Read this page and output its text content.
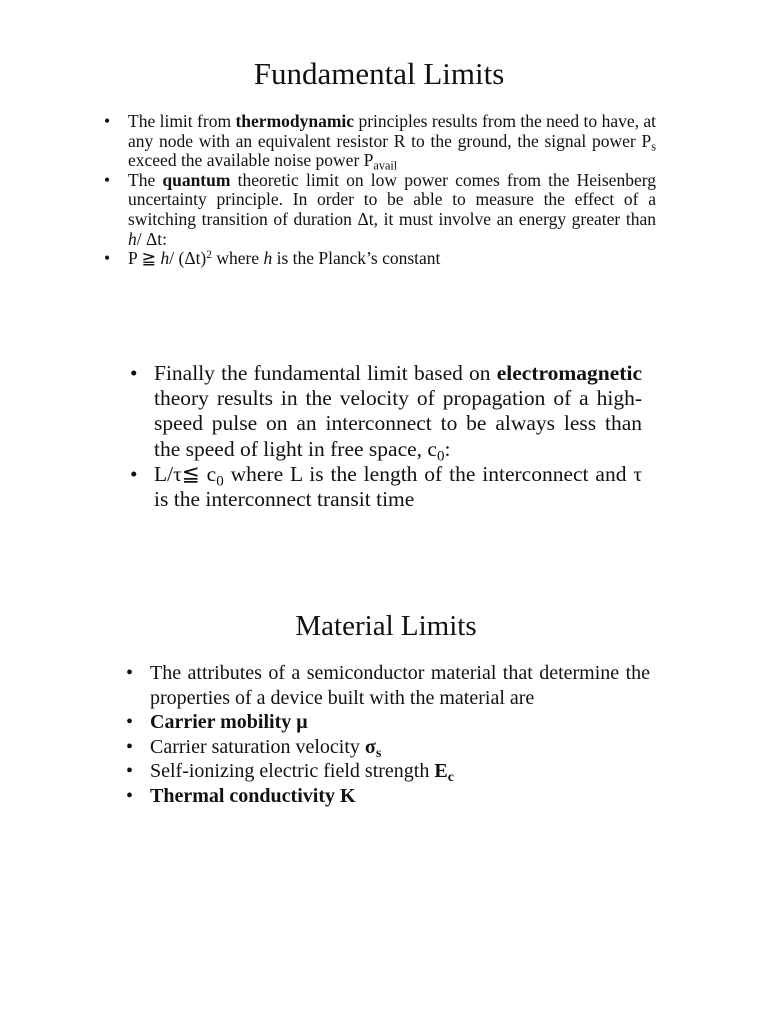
Fundamental Limits
• The limit from thermodynamic principles results from the need to have, at any node with an equivalent resistor R to the ground, the signal power $P_s$ exceed the available noise power $P_{avail}$
• The quantum theoretic limit on low power comes from the Heisenberg uncertainty principle. In order to be able to measure the effect of a switching transition of duration Δt, it must involve an energy greater than h/ Δt:
• P ≧ h/ $(\Delta t)^2$ where h is the Planck’s constant
• Finally the fundamental limit based on electromagnetic theory results in the velocity of propagation of a high-speed pulse on an interconnect to be always less than the speed of light in free space, $c_0$:
• L/τ≦ $c_0$ where L is the length of the interconnect and τ is the interconnect transit time
Material Limits
• The attributes of a semiconductor material that determine the properties of a device built with the material are
• Carrier mobility μ
• Carrier saturation velocity $\sigma_s$
• Self-ionizing electric field strength $E_c$
• Thermal conductivity K
